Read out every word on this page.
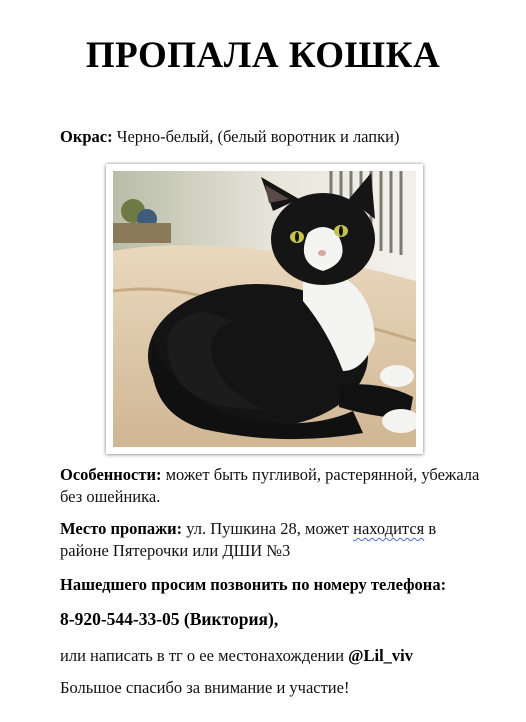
ПРОПАЛА КОШКА
Окрас: Черно-белый, (белый воротник и лапки)
Особенности: может быть пугливой, растерянной, убежала
без ошейника.
Место пропажи: ул. Пушкина 28, может находится в
районе Пятерочки или ДШИ №3
Нашедшего просим позвонить по номеру телефона:
8-920-544-33-05 (Виктория),
или написать в тг о ее местонахождении @Lil_viv
Большое спасибо за внимание и участие!
